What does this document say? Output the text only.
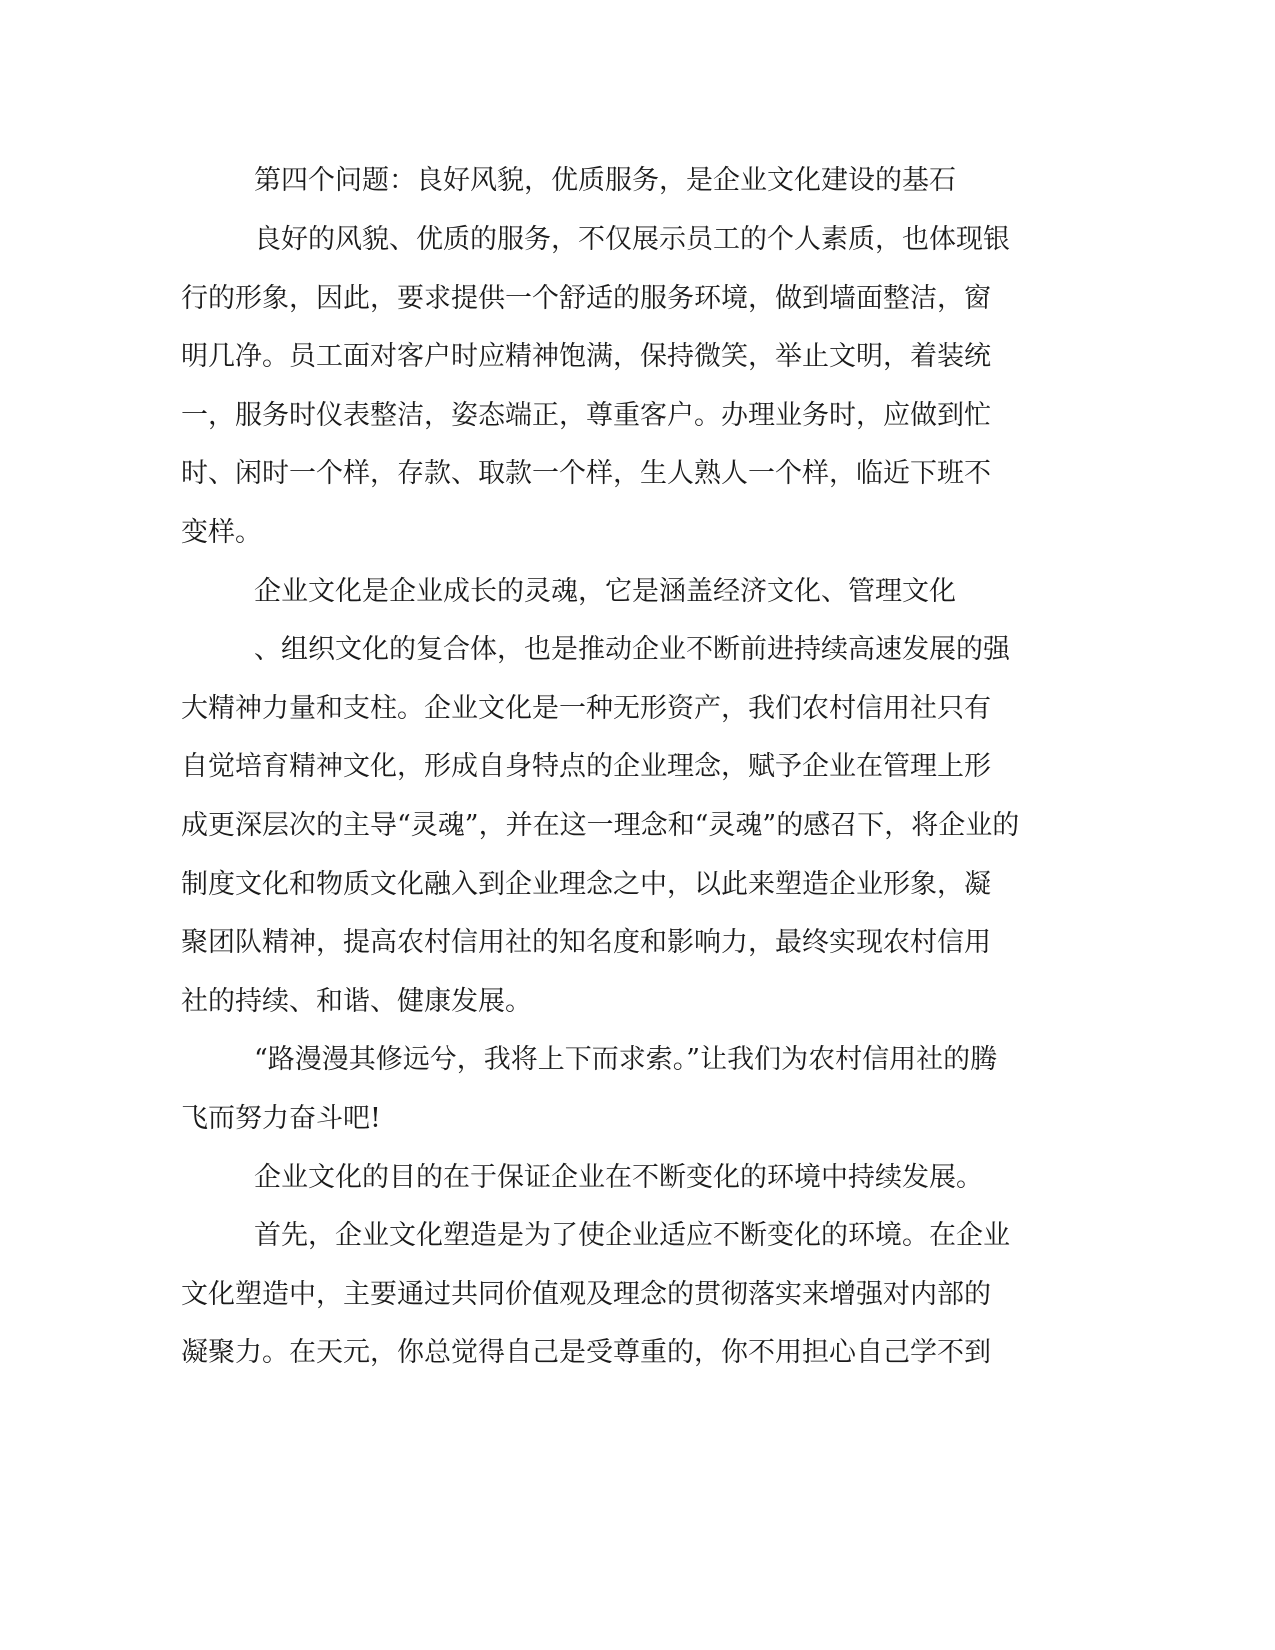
第四个问题：良好风貌，优质服务，是企业文化建设的基石
良好的风貌、优质的服务，不仅展示员工的个人素质，也体现银
行的形象，因此，要求提供一个舒适的服务环境，做到墙面整洁，窗
明几净。员工面对客户时应精神饱满，保持微笑，举止文明，着装统
一，服务时仪表整洁，姿态端正，尊重客户。办理业务时，应做到忙
时、闲时一个样，存款、取款一个样，生人熟人一个样，临近下班不
变样。
企业文化是企业成长的灵魂，它是涵盖经济文化、管理文化
、组织文化的复合体，也是推动企业不断前进持续高速发展的强
大精神力量和支柱。企业文化是一种无形资产，我们农村信用社只有
自觉培育精神文化，形成自身特点的企业理念，赋予企业在管理上形
成更深层次的主导“灵魂”，并在这一理念和“灵魂”的感召下，将企业的
制度文化和物质文化融入到企业理念之中，以此来塑造企业形象，凝
聚团队精神，提高农村信用社的知名度和影响力，最终实现农村信用
社的持续、和谐、健康发展。
“路漫漫其修远兮，我将上下而求索。”让我们为农村信用社的腾
飞而努力奋斗吧!
企业文化的目的在于保证企业在不断变化的环境中持续发展。
首先，企业文化塑造是为了使企业适应不断变化的环境。在企业
文化塑造中，主要通过共同价值观及理念的贯彻落实来增强对内部的
凝聚力。在天元，你总觉得自己是受尊重的，你不用担心自己学不到
